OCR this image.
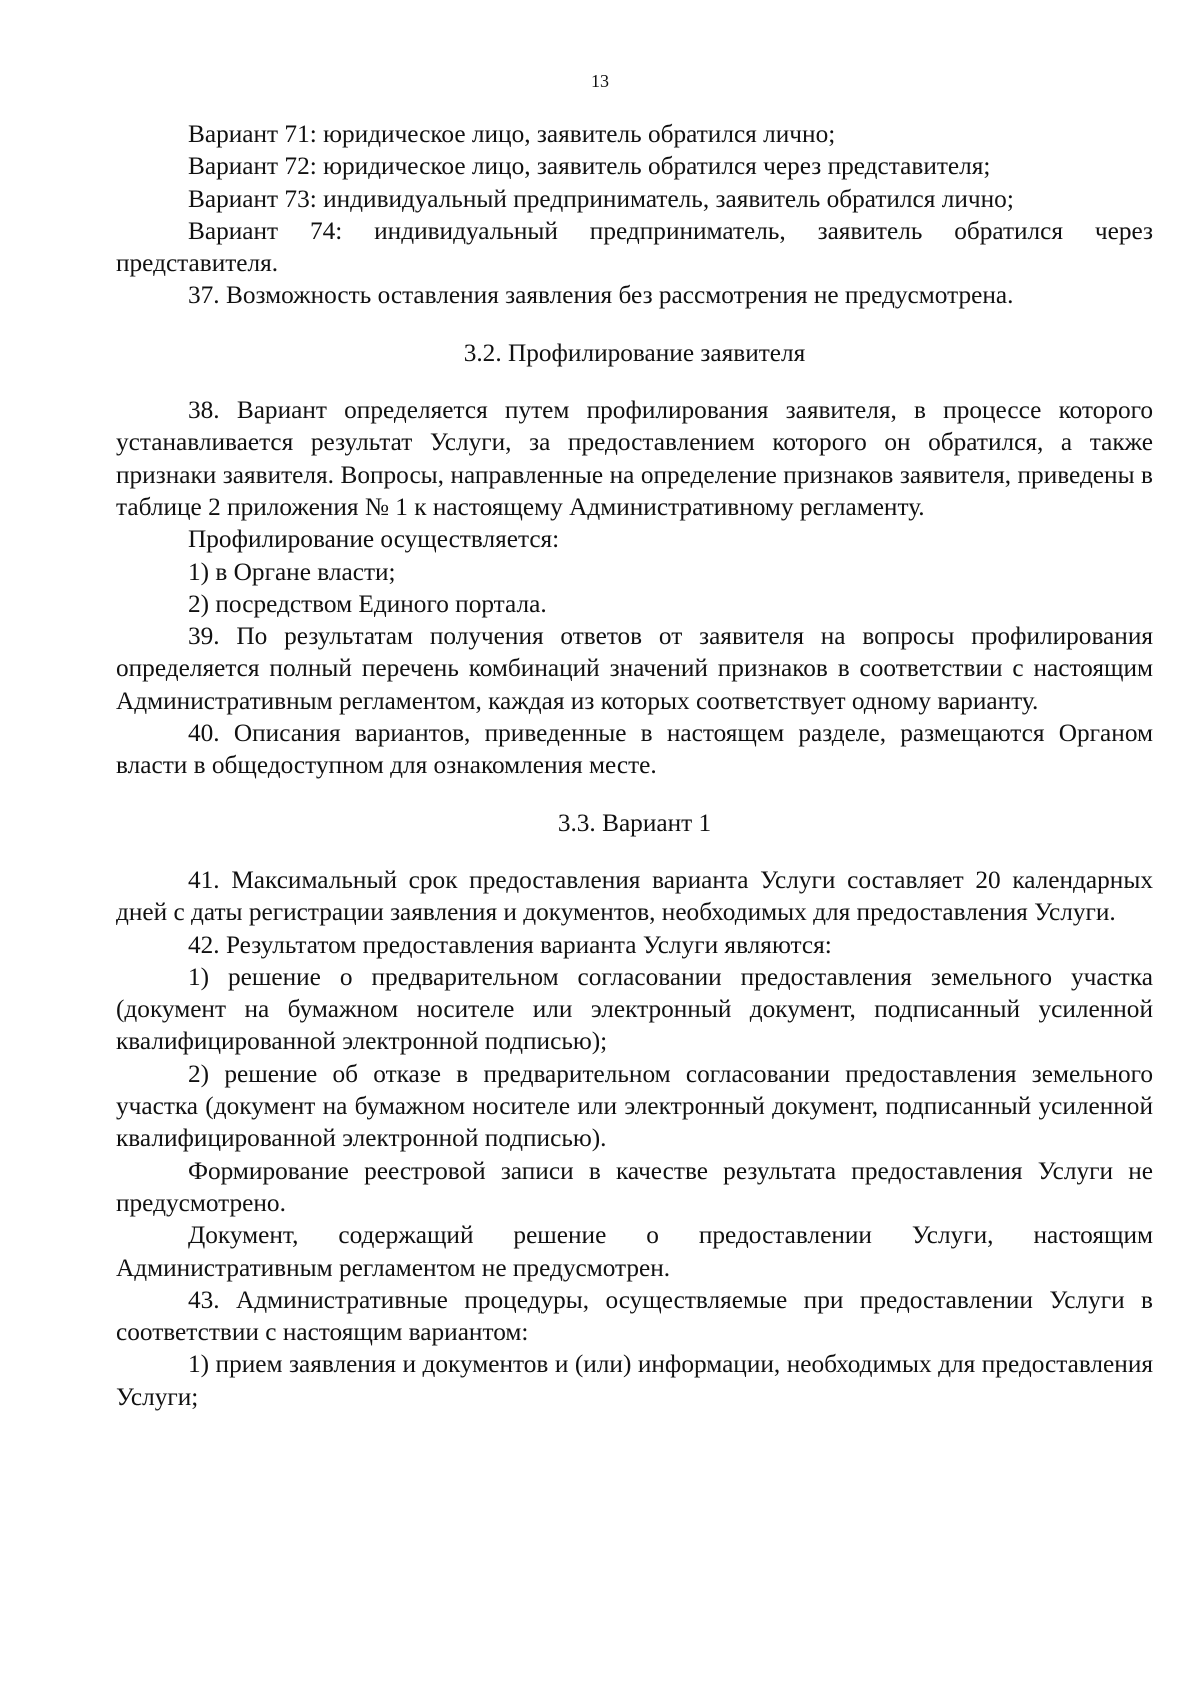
13

Вариант 71: юридическое лицо, заявитель обратился лично;

Вариант 72: юридическое лицо, заявитель обратился через представителя;

Вариант 73: индивидуальный предприниматель, заявитель обратился лично;

Вариант 74: индивидуальный предприниматель, заявитель обратился через представителя.

37. Возможность оставления заявления без рассмотрения не предусмотрена.

3.2. Профилирование заявителя

38. Вариант определяется путем профилирования заявителя, в процессе которого устанавливается результат Услуги, за предоставлением которого он обратился, а также признаки заявителя. Вопросы, направленные на определение признаков заявителя, приведены в таблице 2 приложения № 1 к настоящему Административному регламенту.

Профилирование осуществляется:

1) в Органе власти;

2) посредством Единого портала.

39. По результатам получения ответов от заявителя на вопросы профилирования определяется полный перечень комбинаций значений признаков в соответствии с настоящим Административным регламентом, каждая из которых соответствует одному варианту.

40. Описания вариантов, приведенные в настоящем разделе, размещаются Органом власти в общедоступном для ознакомления месте.

3.3. Вариант 1

41. Максимальный срок предоставления варианта Услуги составляет 20 календарных дней с даты регистрации заявления и документов, необходимых для предоставления Услуги.

42. Результатом предоставления варианта Услуги являются:

1) решение о предварительном согласовании предоставления земельного участка (документ на бумажном носителе или электронный документ, подписанный усиленной квалифицированной электронной подписью);

2) решение об отказе в предварительном согласовании предоставления земельного участка (документ на бумажном носителе или электронный документ, подписанный усиленной квалифицированной электронной подписью).

Формирование реестровой записи в качестве результата предоставления Услуги не предусмотрено.

Документ, содержащий решение о предоставлении Услуги, настоящим Административным регламентом не предусмотрен.

43. Административные процедуры, осуществляемые при предоставлении Услуги в соответствии с настоящим вариантом:

1) прием заявления и документов и (или) информации, необходимых для предоставления Услуги;
